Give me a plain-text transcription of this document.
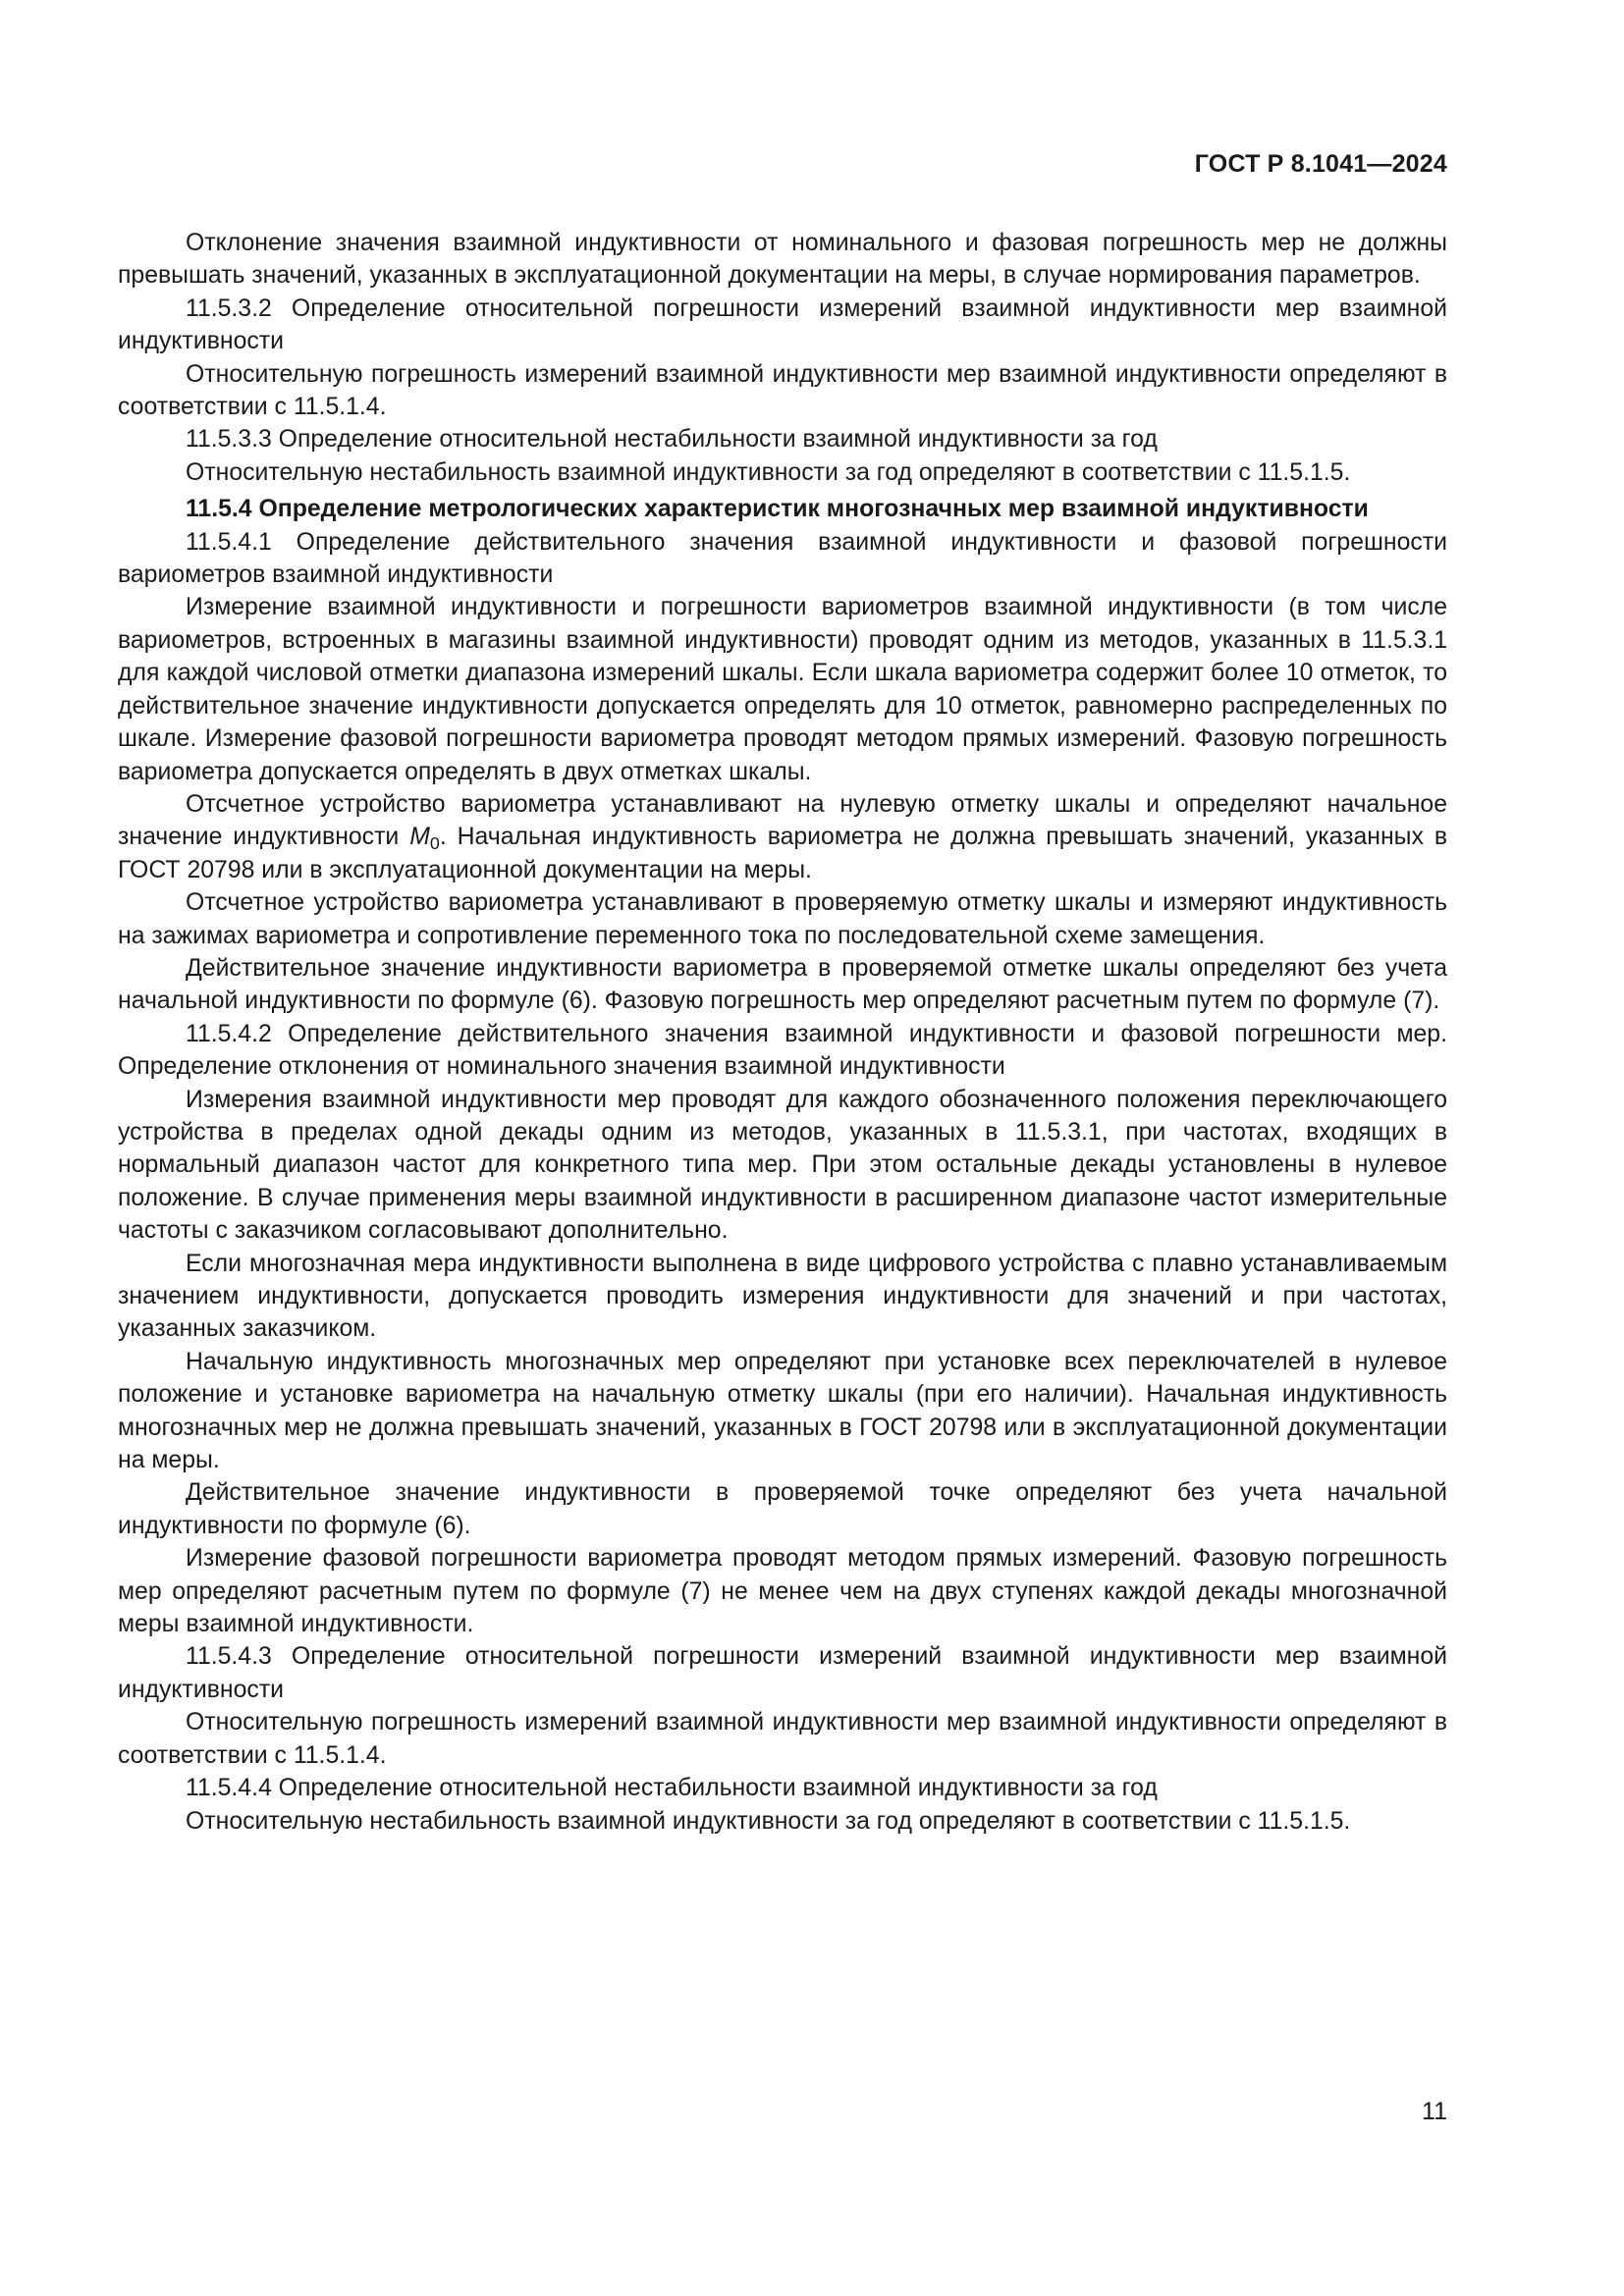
ГОСТ Р 8.1041—2024

Отклонение значения взаимной индуктивности от номинального и фазовая погрешность мер не должны превышать значений, указанных в эксплуатационной документации на меры, в случае нормирования параметров.

11.5.3.2 Определение относительной погрешности измерений взаимной индуктивности мер взаимной индуктивности

Относительную погрешность измерений взаимной индуктивности мер взаимной индуктивности определяют в соответствии с 11.5.1.4.

11.5.3.3 Определение относительной нестабильности взаимной индуктивности за год

Относительную нестабильность взаимной индуктивности за год определяют в соответствии с 11.5.1.5.

11.5.4 Определение метрологических характеристик многозначных мер взаимной индуктивности

11.5.4.1 Определение действительного значения взаимной индуктивности и фазовой погрешности вариометров взаимной индуктивности

Измерение взаимной индуктивности и погрешности вариометров взаимной индуктивности (в том числе вариометров, встроенных в магазины взаимной индуктивности) проводят одним из методов, указанных в 11.5.3.1 для каждой числовой отметки диапазона измерений шкалы. Если шкала вариометра содержит более 10 отметок, то действительное значение индуктивности допускается определять для 10 отметок, равномерно распределенных по шкале. Измерение фазовой погрешности вариометра проводят методом прямых измерений. Фазовую погрешность вариометра допускается определять в двух отметках шкалы.

Отсчетное устройство вариометра устанавливают на нулевую отметку шкалы и определяют начальное значение индуктивности $M_0$. Начальная индуктивность вариометра не должна превышать значений, указанных в ГОСТ 20798 или в эксплуатационной документации на меры.

Отсчетное устройство вариометра устанавливают в проверяемую отметку шкалы и измеряют индуктивность на зажимах вариометра и сопротивление переменного тока по последовательной схеме замещения.

Действительное значение индуктивности вариометра в проверяемой отметке шкалы определяют без учета начальной индуктивности по формуле (6). Фазовую погрешность мер определяют расчетным путем по формуле (7).

11.5.4.2 Определение действительного значения взаимной индуктивности и фазовой погрешности мер. Определение отклонения от номинального значения взаимной индуктивности

Измерения взаимной индуктивности мер проводят для каждого обозначенного положения переключающего устройства в пределах одной декады одним из методов, указанных в 11.5.3.1, при частотах, входящих в нормальный диапазон частот для конкретного типа мер. При этом остальные декады установлены в нулевое положение. В случае применения меры взаимной индуктивности в расширенном диапазоне частот измерительные частоты с заказчиком согласовывают дополнительно.

Если многозначная мера индуктивности выполнена в виде цифрового устройства с плавно устанавливаемым значением индуктивности, допускается проводить измерения индуктивности для значений и при частотах, указанных заказчиком.

Начальную индуктивность многозначных мер определяют при установке всех переключателей в нулевое положение и установке вариометра на начальную отметку шкалы (при его наличии). Начальная индуктивность многозначных мер не должна превышать значений, указанных в ГОСТ 20798 или в эксплуатационной документации на меры.

Действительное значение индуктивности в проверяемой точке определяют без учета начальной индуктивности по формуле (6).

Измерение фазовой погрешности вариометра проводят методом прямых измерений. Фазовую погрешность мер определяют расчетным путем по формуле (7) не менее чем на двух ступенях каждой декады многозначной меры взаимной индуктивности.

11.5.4.3 Определение относительной погрешности измерений взаимной индуктивности мер взаимной индуктивности

Относительную погрешность измерений взаимной индуктивности мер взаимной индуктивности определяют в соответствии с 11.5.1.4.

11.5.4.4 Определение относительной нестабильности взаимной индуктивности за год

Относительную нестабильность взаимной индуктивности за год определяют в соответствии с 11.5.1.5.

11
